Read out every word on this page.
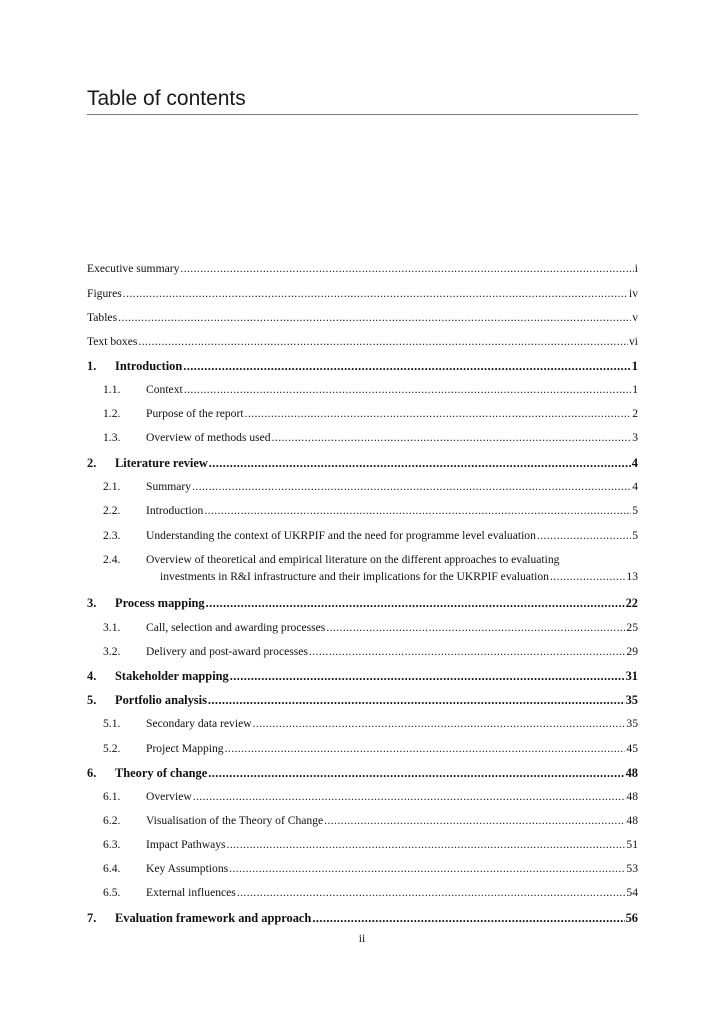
Table of contents
Executive summary .....	i
Figures .....	iv
Tables .....	v
Text boxes .....	vi
1.	Introduction .....	1
1.1.	Context .....	1
1.2.	Purpose of the report .....	2
1.3.	Overview of methods used .....	3
2.	Literature review .....	4
2.1.	Summary .....	4
2.2.	Introduction .....	5
2.3.	Understanding the context of UKRPIF and the need for programme level evaluation .....	5
2.4.	Overview of theoretical and empirical literature on the different approaches to evaluating
investments in R&I infrastructure and their implications for the UKRPIF evaluation .....	13
3.	Process mapping .....	22
3.1.	Call, selection and awarding processes .....	25
3.2.	Delivery and post-award processes .....	29
4.	Stakeholder mapping .....	31
5.	Portfolio analysis .....	35
5.1.	Secondary data review .....	35
5.2.	Project Mapping .....	45
6.	Theory of change .....	48
6.1.	Overview .....	48
6.2.	Visualisation of the Theory of Change .....	48
6.3.	Impact Pathways .....	51
6.4.	Key Assumptions .....	53
6.5.	External influences .....	54
7.	Evaluation framework and approach .....	56
ii
